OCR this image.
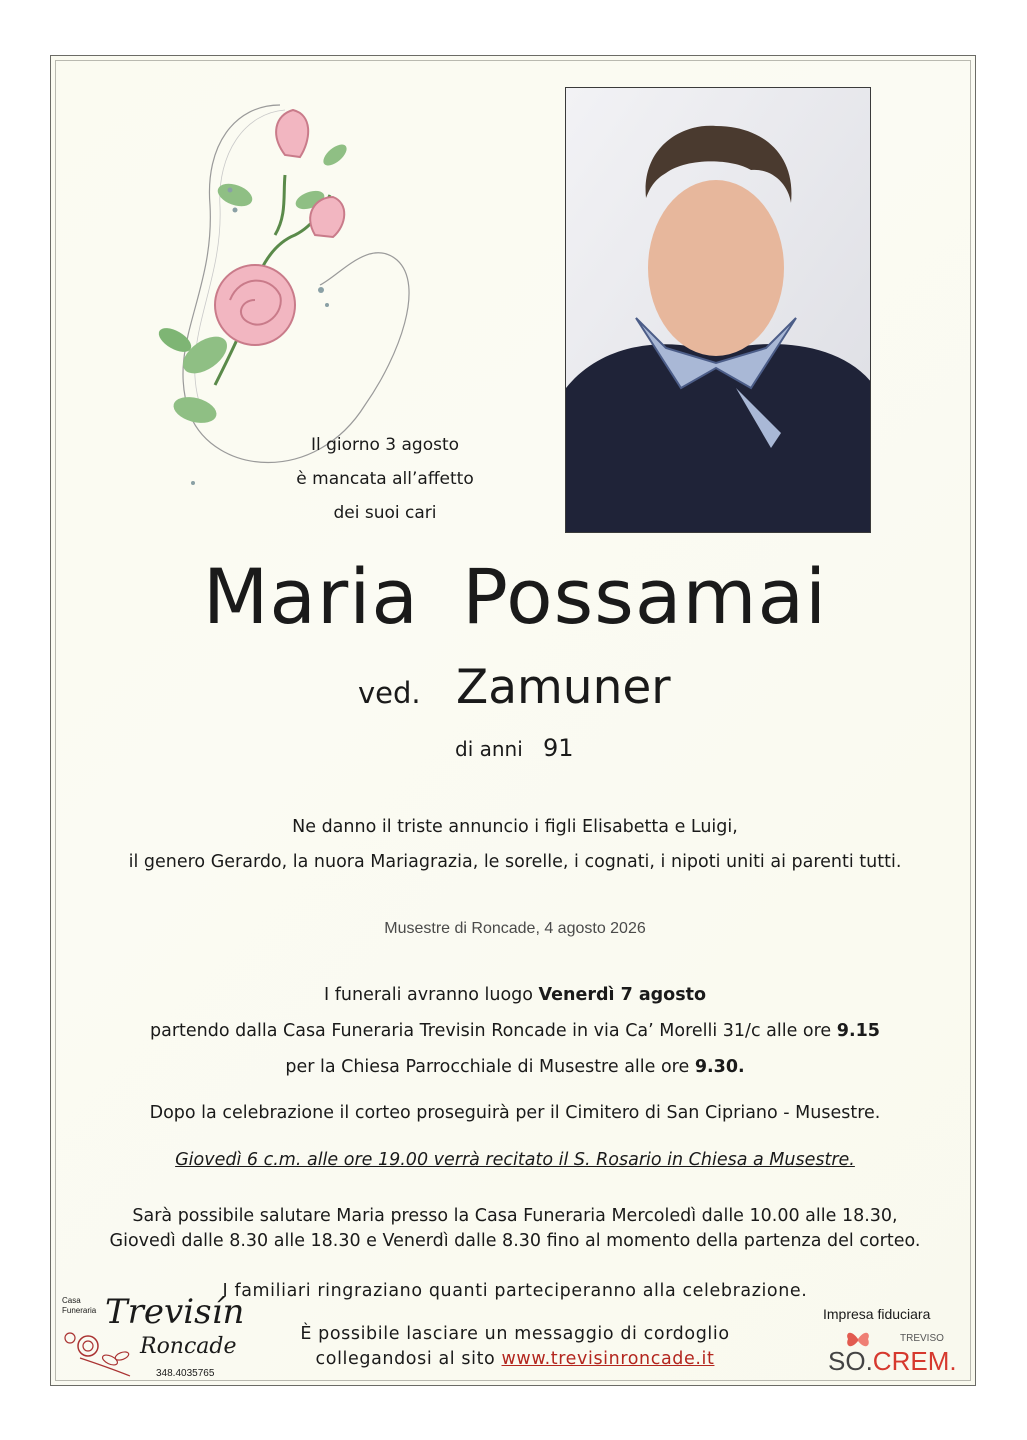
Il giorno 3 agosto
è mancata all’affetto
dei suoi cari
Maria Possamai
ved. Zamuner
di anni 91
Ne danno il triste annuncio i figli Elisabetta e Luigi,
il genero Gerardo, la nuora Mariagrazia, le sorelle, i cognati, i nipoti uniti ai parenti tutti.
Musestre di Roncade, 4 agosto 2026
I funerali avranno luogo Venerdì 7 agosto
partendo dalla Casa Funeraria Trevisin Roncade in via Ca’ Morelli 31/c alle ore 9.15
per la Chiesa Parrocchiale di Musestre alle ore 9.30.
Dopo la celebrazione il corteo proseguirà per il Cimitero di San Cipriano - Musestre.
Giovedì 6 c.m. alle ore 19.00 verrà recitato il S. Rosario in Chiesa a Musestre.
Sarà possibile salutare Maria presso la Casa Funeraria Mercoledì dalle 10.00 alle 18.30,
Giovedì dalle 8.30 alle 18.30 e Venerdì dalle 8.30 fino al momento della partenza del corteo.
I familiari ringraziano quanti parteciperanno alla celebrazione.
È possibile lasciare un messaggio di cordoglio
collegandosi al sito www.trevisinroncade.it
Casa
Funeraria Trevisín
Roncade
348.4035765
Impresa fiduciara
TREVISO
SO.CREM.
